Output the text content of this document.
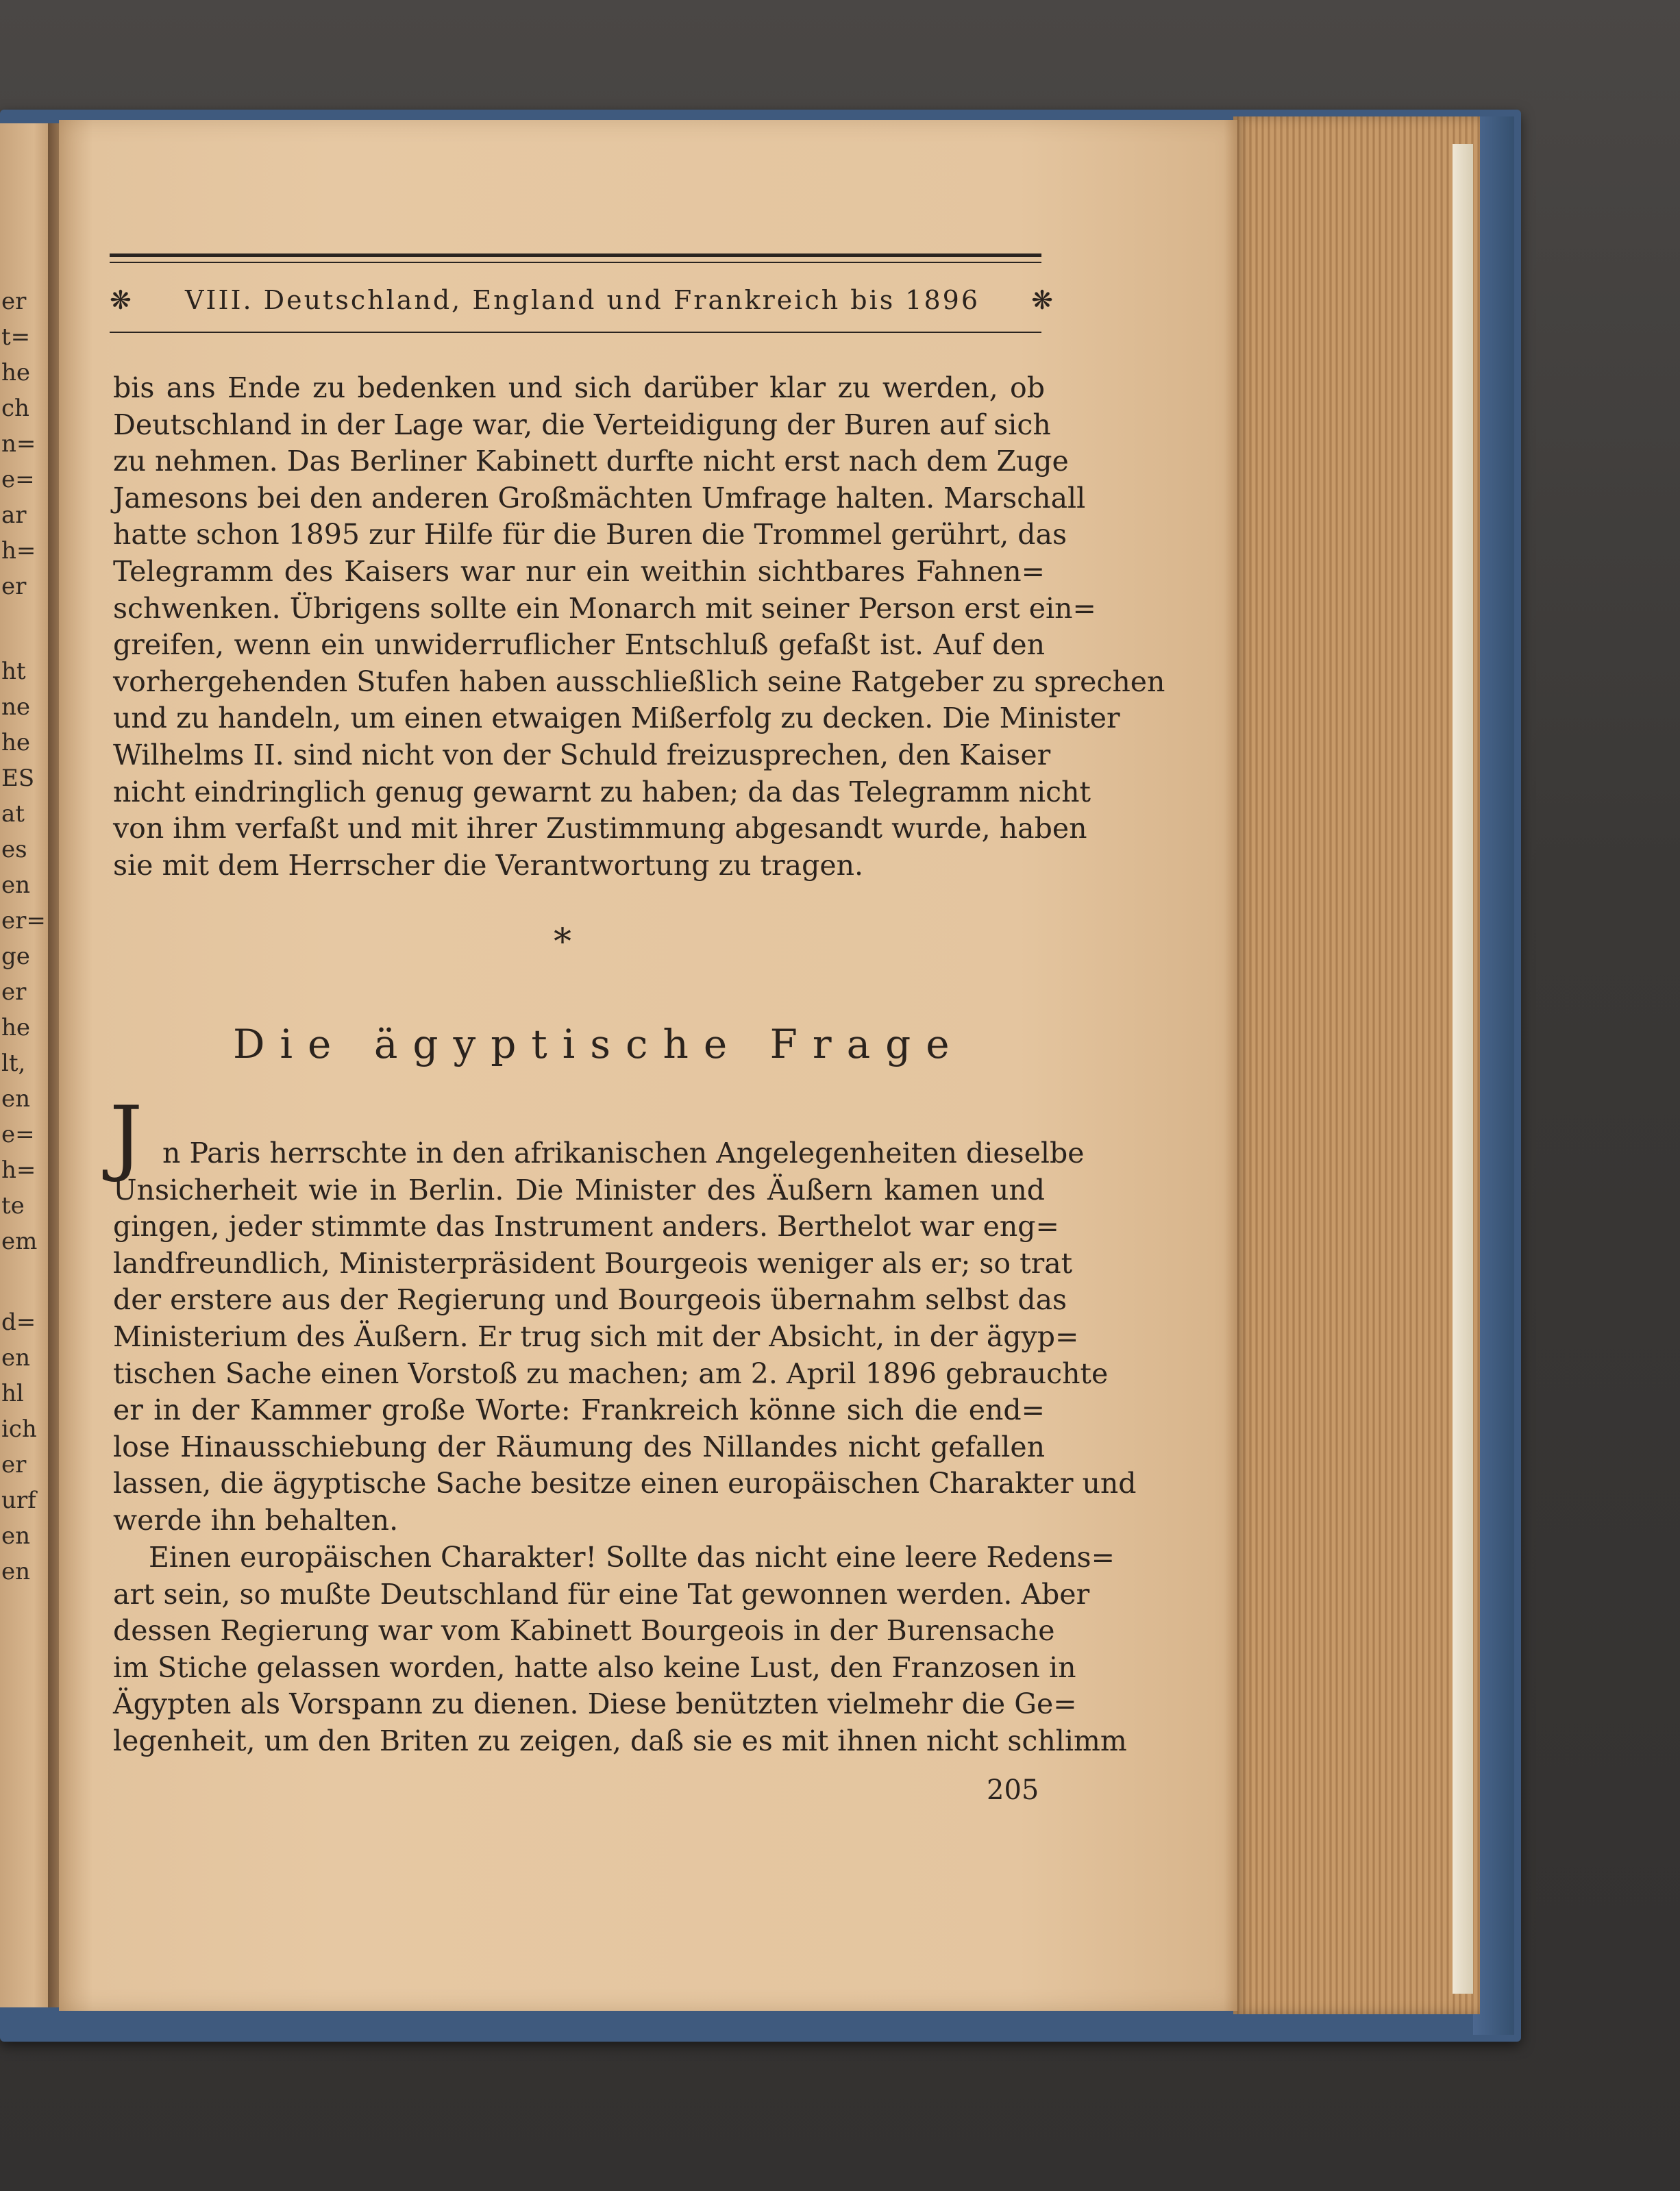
er
t=
he
ch
n=
e=
ar
h=
er
ht
ne
he
ES
at
es
en
er=
ge
er
he
lt,
en
e=
h=
te
em
d=
en
hl
ich
er
urf
en
en
❋	VIII. Deutschland, England und Frankreich bis 1896	❋
bis ans Ende zu bedenken und sich darüber klar zu werden, ob
Deutschland in der Lage war, die Verteidigung der Buren auf sich
zu nehmen. Das Berliner Kabinett durfte nicht erst nach dem Zuge
Jamesons bei den anderen Großmächten Umfrage halten. Marschall
hatte schon 1895 zur Hilfe für die Buren die Trommel gerührt, das
Telegramm des Kaisers war nur ein weithin sichtbares Fahnen=
schwenken. Übrigens sollte ein Monarch mit seiner Person erst ein=
greifen, wenn ein unwiderruflicher Entschluß gefaßt ist. Auf den
vorhergehenden Stufen haben ausschließlich seine Ratgeber zu sprechen
und zu handeln, um einen etwaigen Mißerfolg zu decken. Die Minister
Wilhelms II. sind nicht von der Schuld freizusprechen, den Kaiser
nicht eindringlich genug gewarnt zu haben; da das Telegramm nicht
von ihm verfaßt und mit ihrer Zustimmung abgesandt wurde, haben
sie mit dem Herrscher die Verantwortung zu tragen.
*
Die ägyptische Frage
J n Paris herrschte in den afrikanischen Angelegenheiten dieselbe
Unsicherheit wie in Berlin. Die Minister des Äußern kamen und
gingen, jeder stimmte das Instrument anders. Berthelot war eng=
landfreundlich, Ministerpräsident Bourgeois weniger als er; so trat
der erstere aus der Regierung und Bourgeois übernahm selbst das
Ministerium des Äußern. Er trug sich mit der Absicht, in der ägyp=
tischen Sache einen Vorstoß zu machen; am 2. April 1896 gebrauchte
er in der Kammer große Worte: Frankreich könne sich die end=
lose Hinausschiebung der Räumung des Nillandes nicht gefallen
lassen, die ägyptische Sache besitze einen europäischen Charakter und
werde ihn behalten.
Einen europäischen Charakter! Sollte das nicht eine leere Redens=
art sein, so mußte Deutschland für eine Tat gewonnen werden. Aber
dessen Regierung war vom Kabinett Bourgeois in der Burensache
im Stiche gelassen worden, hatte also keine Lust, den Franzosen in
Ägypten als Vorspann zu dienen. Diese benützten vielmehr die Ge=
legenheit, um den Briten zu zeigen, daß sie es mit ihnen nicht schlimm
205
